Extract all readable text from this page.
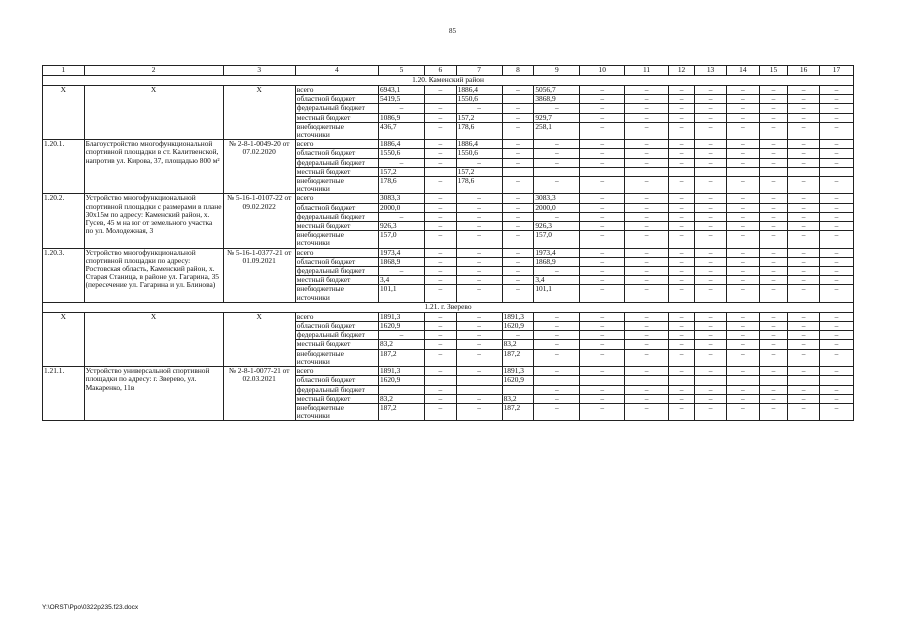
85
1	2	3	4	5	6	7	8	9	10	11	12	13	14	15	16	17
1.20. Каменский район																
X	X	X	всего	6943,1	–	1886,4	–	5056,7	–	–	–	–	–	–	–	–
			областной бюджет	5419,5		1550,6		3868,9	–	–	–	–	–	–	–	–
			федеральный бюджет	–	–	–	–	–	–	–	–	–	–	–	–	–
			местный бюджет	1086,9	–	157,2	–	929,7	–	–	–	–	–	–	–	–
			внебюджетные источники	436,7	–	178,6	–	258,1	–	–	–	–	–	–	–	–
1.20.1.	Благоустройство многофункциональной спортивной площадки в ст. Калитвенской, напротив ул. Кирова, 37, площадью 800 м²	№ 2-8-1-0049-20 от 07.02.2020	всего	1886,4	–	1886,4	–	–	–	–	–	–	–	–	–	–
			областной бюджет	1550,6	–	1550,6	–	–	–	–	–	–	–	–	–	–
			федеральный бюджет	–	–	–	–	–	–	–	–	–	–	–	–	–
			местный бюджет	157,2		157,2										
			внебюджетные источники	178,6	–	178,6	–	–	–	–	–	–	–	–	–	–
1.20.2.	Устройство многофункциональной спортивной площадки с размерами в плане 30х15м по адресу: Каменский район, х. Гусев, 45 м на юг от земельного участка по ул. Молодежная, 3	№ 5-16-1-0107-22 от 09.02.2022	всего	3083,3	–	–	–	3083,3	–	–	–	–	–	–	–	–
			областной бюджет	2000,0	–	–	–	2000,0	–	–	–	–	–	–	–	–
			федеральный бюджет	–	–	–	–	–	–	–	–	–	–	–	–	–
			местный бюджет	926,3	–	–	–	926,3	–	–	–	–	–	–	–	–
			внебюджетные источники	157,0	–	–	–	157,0	–	–	–	–	–	–	–	–
1.20.3.	Устройство многофункциональной спортивной площадки по адресу: Ростовская область, Каменский район, х. Старая Станица, в районе ул. Гагарина, 35 (пересечение ул. Гагарина и ул. Блинова)	№ 5-16-1-0377-21 от 01.09.2021	всего	1973,4	–	–	–	1973,4	–	–	–	–	–	–	–	–
			областной бюджет	1868,9	–	–	–	1868,9	–	–	–	–	–	–	–	–
			федеральный бюджет	–	–	–	–	–	–	–	–	–	–	–	–	–
			местный бюджет	3,4	–	–	–	3,4	–	–	–	–	–	–	–	–
			внебюджетные источники	101,1	–	–	–	101,1	–	–	–	–	–	–	–	–
1.21. г. Зверево																
X	X	X	всего	1891,3	–	–	1891,3	–	–	–	–	–	–	–	–	–
			областной бюджет	1620,9	–	–	1620,9	–	–	–	–	–	–	–	–	–
			федеральный бюджет	–	–	–	–	–	–	–	–	–	–	–	–	–
			местный бюджет	83,2	–	–	83,2	–	–	–	–	–	–	–	–	–
			внебюджетные источники	187,2	–	–	187,2	–	–	–	–	–	–	–	–	–
1.21.1.	Устройство универсальной спортивной площадки по адресу: г. Зверево, ул. Макаренко, 11в	№ 2-8-1-0077-21 от 02.03.2021	всего	1891,3	–	–	1891,3	–	–	–	–	–	–	–	–	–
			областной бюджет	1620,9			1620,9									
			федеральный бюджет		–			–	–	–	–	–	–	–	–	–
			местный бюджет	83,2	–	–	83,2	–	–	–	–	–	–	–	–	–
			внебюджетные источники	187,2	–	–	187,2	–	–	–	–	–	–	–	–	–
Y:\ORST\Ppo\0322p235.f23.docx
